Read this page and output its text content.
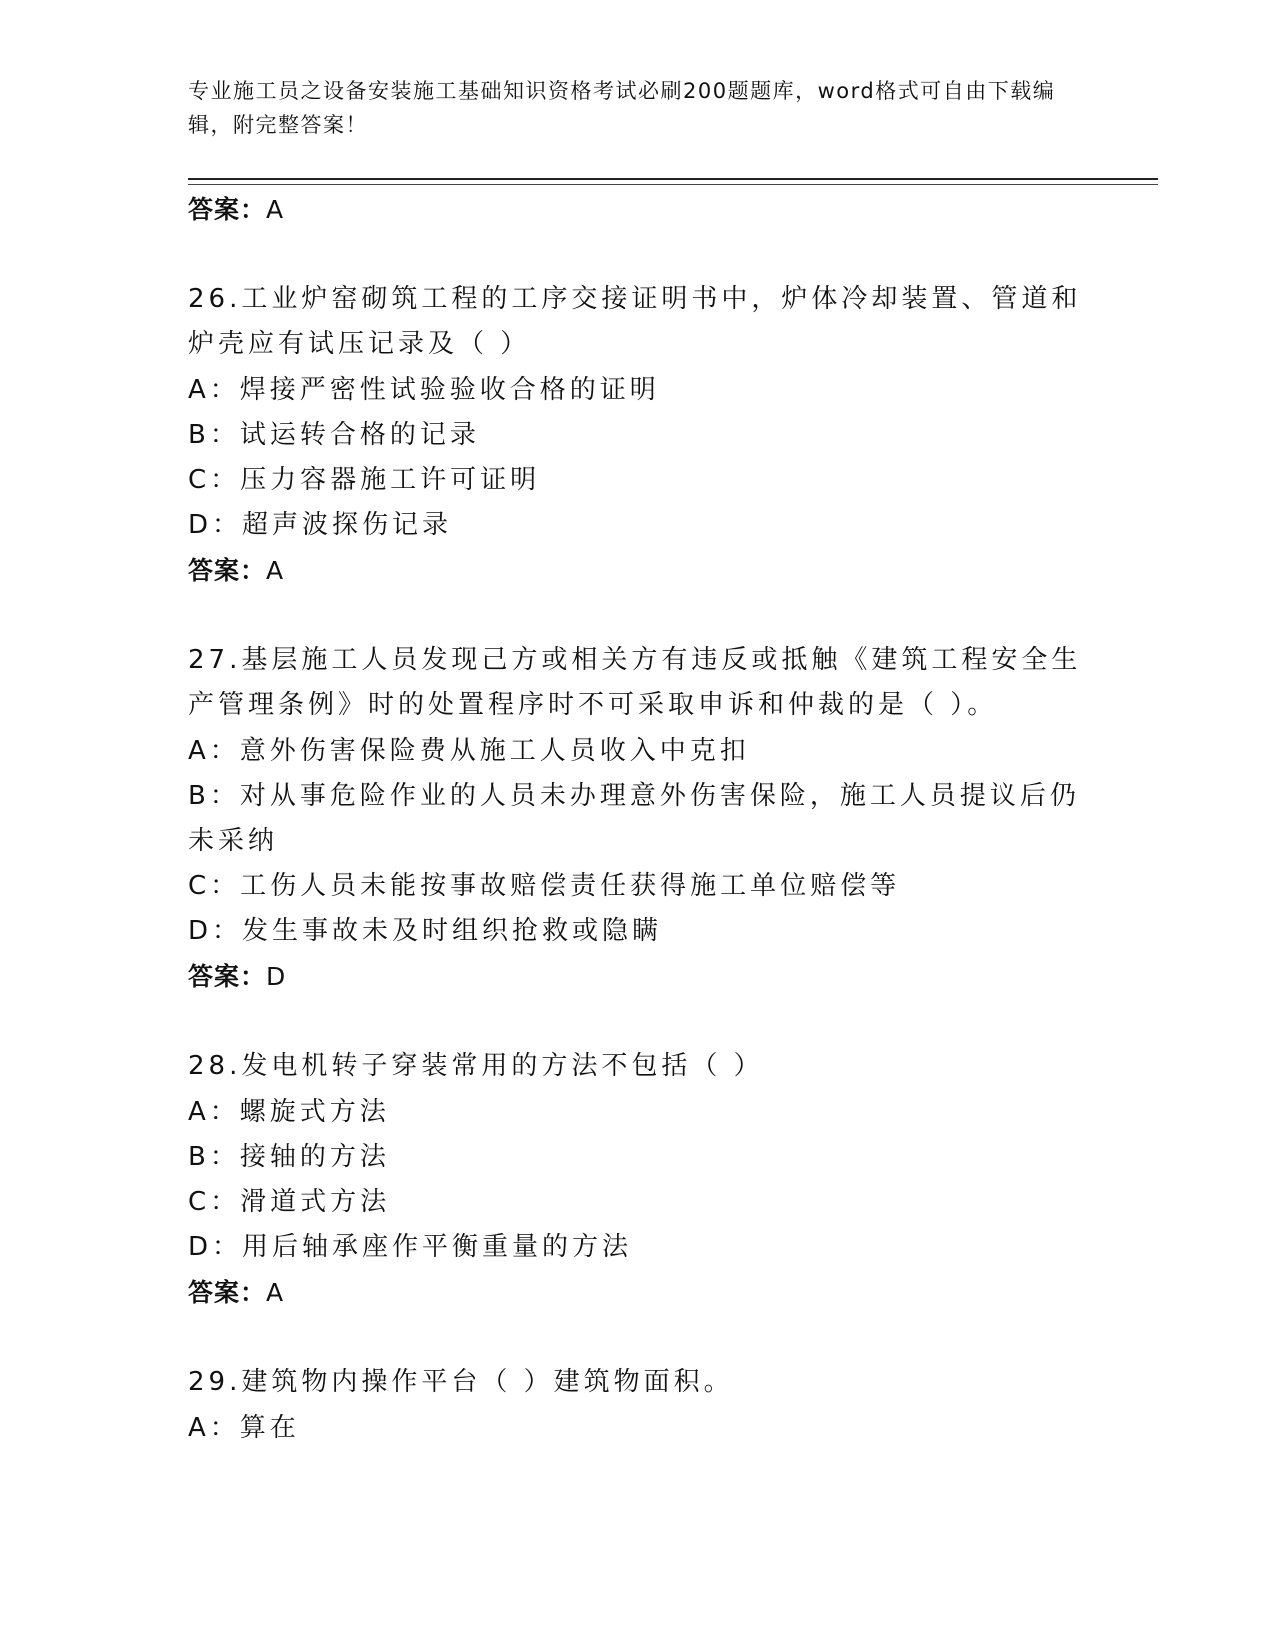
专业施工员之设备安装施工基础知识资格考试必刷200题题库，word格式可自由下载编辑，附完整答案！
答案：A
26.工业炉窑砌筑工程的工序交接证明书中，炉体冷却装置、管道和炉壳应有试压记录及（ ）
A：焊接严密性试验验收合格的证明
B：试运转合格的记录
C：压力容器施工许可证明
D：超声波探伤记录
答案：A
27.基层施工人员发现己方或相关方有违反或抵触《建筑工程安全生产管理条例》时的处置程序时不可采取申诉和仲裁的是（ ）。
A：意外伤害保险费从施工人员收入中克扣
B：对从事危险作业的人员未办理意外伤害保险，施工人员提议后仍未采纳
C：工伤人员未能按事故赔偿责任获得施工单位赔偿等
D：发生事故未及时组织抢救或隐瞒
答案：D
28.发电机转子穿装常用的方法不包括（ ）
A：螺旋式方法
B：接轴的方法
C：滑道式方法
D：用后轴承座作平衡重量的方法
答案：A
29.建筑物内操作平台（ ）建筑物面积。
A：算在
